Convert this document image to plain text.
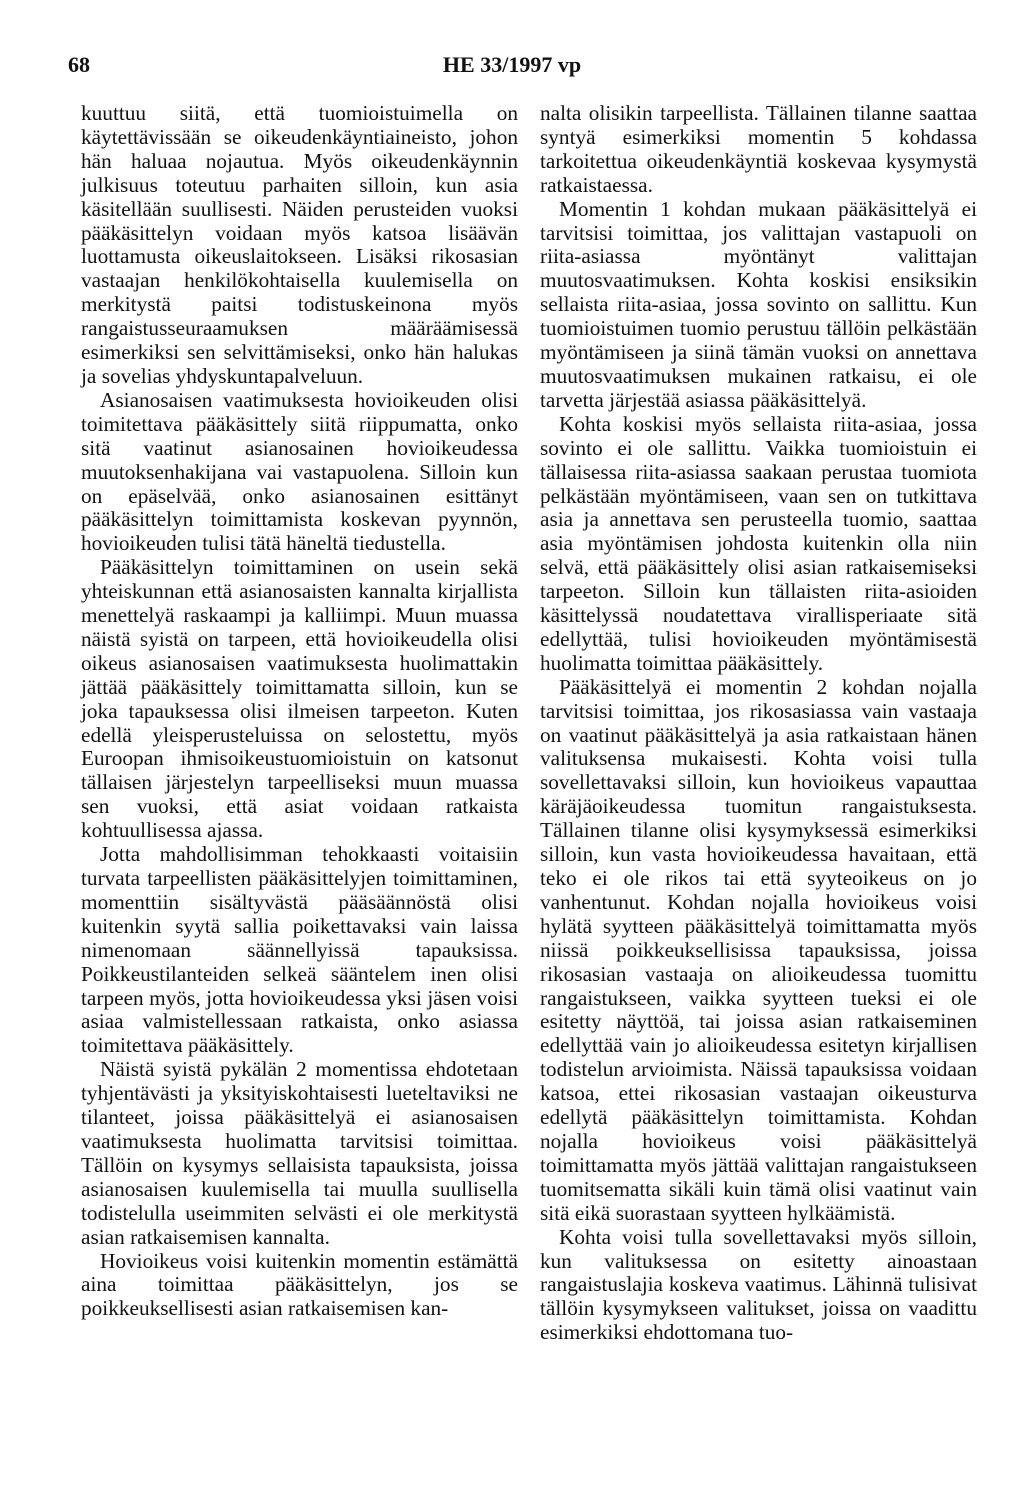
68	HE 33/1997 vp

kuuttuu siitä, että tuomioistuimella on käytettävissään se oikeudenkäyntiaineisto, johon hän haluaa nojautua. Myös oikeudenkäynnin julkisuus toteutuu parhaiten silloin, kun asia käsitellään suullisesti. Näiden perusteiden vuoksi pääkäsittelyn voidaan myös katsoa lisäävän luottamusta oikeuslaitokseen. Lisäksi rikosasian vastaajan henkilökohtaisella kuulemisella on merkitystä paitsi todistuskeinona myös rangaistusseuraamuksen määräämisessä esimerkiksi sen selvittämiseksi, onko hän halukas ja sovelias yhdyskuntapalveluun.

Asianosaisen vaatimuksesta hovioikeuden olisi toimitettava pääkäsittely siitä riippumatta, onko sitä vaatinut asianosainen hovioikeudessa muutoksenhakijana vai vastapuolena. Silloin kun on epäselvää, onko asianosainen esittänyt pääkäsittelyn toimittamista koskevan pyynnön, hovioikeuden tulisi tätä häneltä tiedustella.

Pääkäsittelyn toimittaminen on usein sekä yhteiskunnan että asianosaisten kannalta kirjallista menettelyä raskaampi ja kalliimpi. Muun muassa näistä syistä on tarpeen, että hovioikeudella olisi oikeus asianosaisen vaatimuksesta huolimattakin jättää pääkäsittely toimittamatta silloin, kun se joka tapauksessa olisi ilmeisen tarpeeton. Kuten edellä yleisperusteluissa on selostettu, myös Euroopan ihmisoikeustuomioistuin on katsonut tällaisen järjestelyn tarpeelliseksi muun muassa sen vuoksi, että asiat voidaan ratkaista kohtuullisessa ajassa.

Jotta mahdollisimman tehokkaasti voitaisiin turvata tarpeellisten pääkäsittelyjen toimittaminen, momenttiin sisältyvästä pääsäännöstä olisi kuitenkin syytä sallia poikettavaksi vain laissa nimenomaan säännellyissä tapauksissa. Poikkeustilanteiden selkeä sääntelem inen olisi tarpeen myös, jotta hovioikeudessa yksi jäsen voisi asiaa valmistellessaan ratkaista, onko asiassa toimitettava pääkäsittely.

Näistä syistä pykälän 2 momentissa ehdotetaan tyhjentävästi ja yksityiskohtaisesti lueteltaviksi ne tilanteet, joissa pääkäsittelyä ei asianosaisen vaatimuksesta huolimatta tarvitsisi toimittaa. Tällöin on kysymys sellaisista tapauksista, joissa asianosaisen kuulemisella tai muulla suullisella todistelulla useimmiten selvästi ei ole merkitystä asian ratkaisemisen kannalta.

Hovioikeus voisi kuitenkin momentin estämättä aina toimittaa pääkäsittelyn, jos se poikkeuksellisesti asian ratkaisemisen kan-

nalta olisikin tarpeellista. Tällainen tilanne saattaa syntyä esimerkiksi momentin 5 kohdassa tarkoitettua oikeudenkäyntiä koskevaa kysymystä ratkaistaessa.

Momentin 1 kohdan mukaan pääkäsittelyä ei tarvitsisi toimittaa, jos valittajan vastapuoli on riita-asiassa myöntänyt valittajan muutosvaatimuksen. Kohta koskisi ensiksikin sellaista riita-asiaa, jossa sovinto on sallittu. Kun tuomioistuimen tuomio perustuu tällöin pelkästään myöntämiseen ja siinä tämän vuoksi on annettava muutosvaatimuksen mukainen ratkaisu, ei ole tarvetta järjestää asiassa pääkäsittelyä.

Kohta koskisi myös sellaista riita-asiaa, jossa sovinto ei ole sallittu. Vaikka tuomioistuin ei tällaisessa riita-asiassa saakaan perustaa tuomiota pelkästään myöntämiseen, vaan sen on tutkittava asia ja annettava sen perusteella tuomio, saattaa asia myöntämisen johdosta kuitenkin olla niin selvä, että pääkäsittely olisi asian ratkaisemiseksi tarpeeton. Silloin kun tällaisten riita-asioiden käsittelyssä noudatettava virallisperiaate sitä edellyttää, tulisi hovioikeuden myöntämisestä huolimatta toimittaa pääkäsittely.

Pääkäsittelyä ei momentin 2 kohdan nojalla tarvitsisi toimittaa, jos rikosasiassa vain vastaaja on vaatinut pääkäsittelyä ja asia ratkaistaan hänen valituksensa mukaisesti. Kohta voisi tulla sovellettavaksi silloin, kun hovioikeus vapauttaa käräjäoikeudessa tuomitun rangaistuksesta. Tällainen tilanne olisi kysymyksessä esimerkiksi silloin, kun vasta hovioikeudessa havaitaan, että teko ei ole rikos tai että syyteoikeus on jo vanhentunut. Kohdan nojalla hovioikeus voisi hylätä syytteen pääkäsittelyä toimittamatta myös niissä poikkeuksellisissa tapauksissa, joissa rikosasian vastaaja on alioikeudessa tuomittu rangaistukseen, vaikka syytteen tueksi ei ole esitetty näyttöä, tai joissa asian ratkaiseminen edellyttää vain jo alioikeudessa esitetyn kirjallisen todistelun arvioimista. Näissä tapauksissa voidaan katsoa, ettei rikosasian vastaajan oikeusturva edellytä pääkäsittelyn toimittamista. Kohdan nojalla hovioikeus voisi pääkäsittelyä toimittamatta myös jättää valittajan rangaistukseen tuomitsematta sikäli kuin tämä olisi vaatinut vain sitä eikä suorastaan syytteen hylkäämistä.

Kohta voisi tulla sovellettavaksi myös silloin, kun valituksessa on esitetty ainoastaan rangaistuslajia koskeva vaatimus. Lähinnä tulisivat tällöin kysymykseen valitukset, joissa on vaadittu esimerkiksi ehdottomana tuo-
